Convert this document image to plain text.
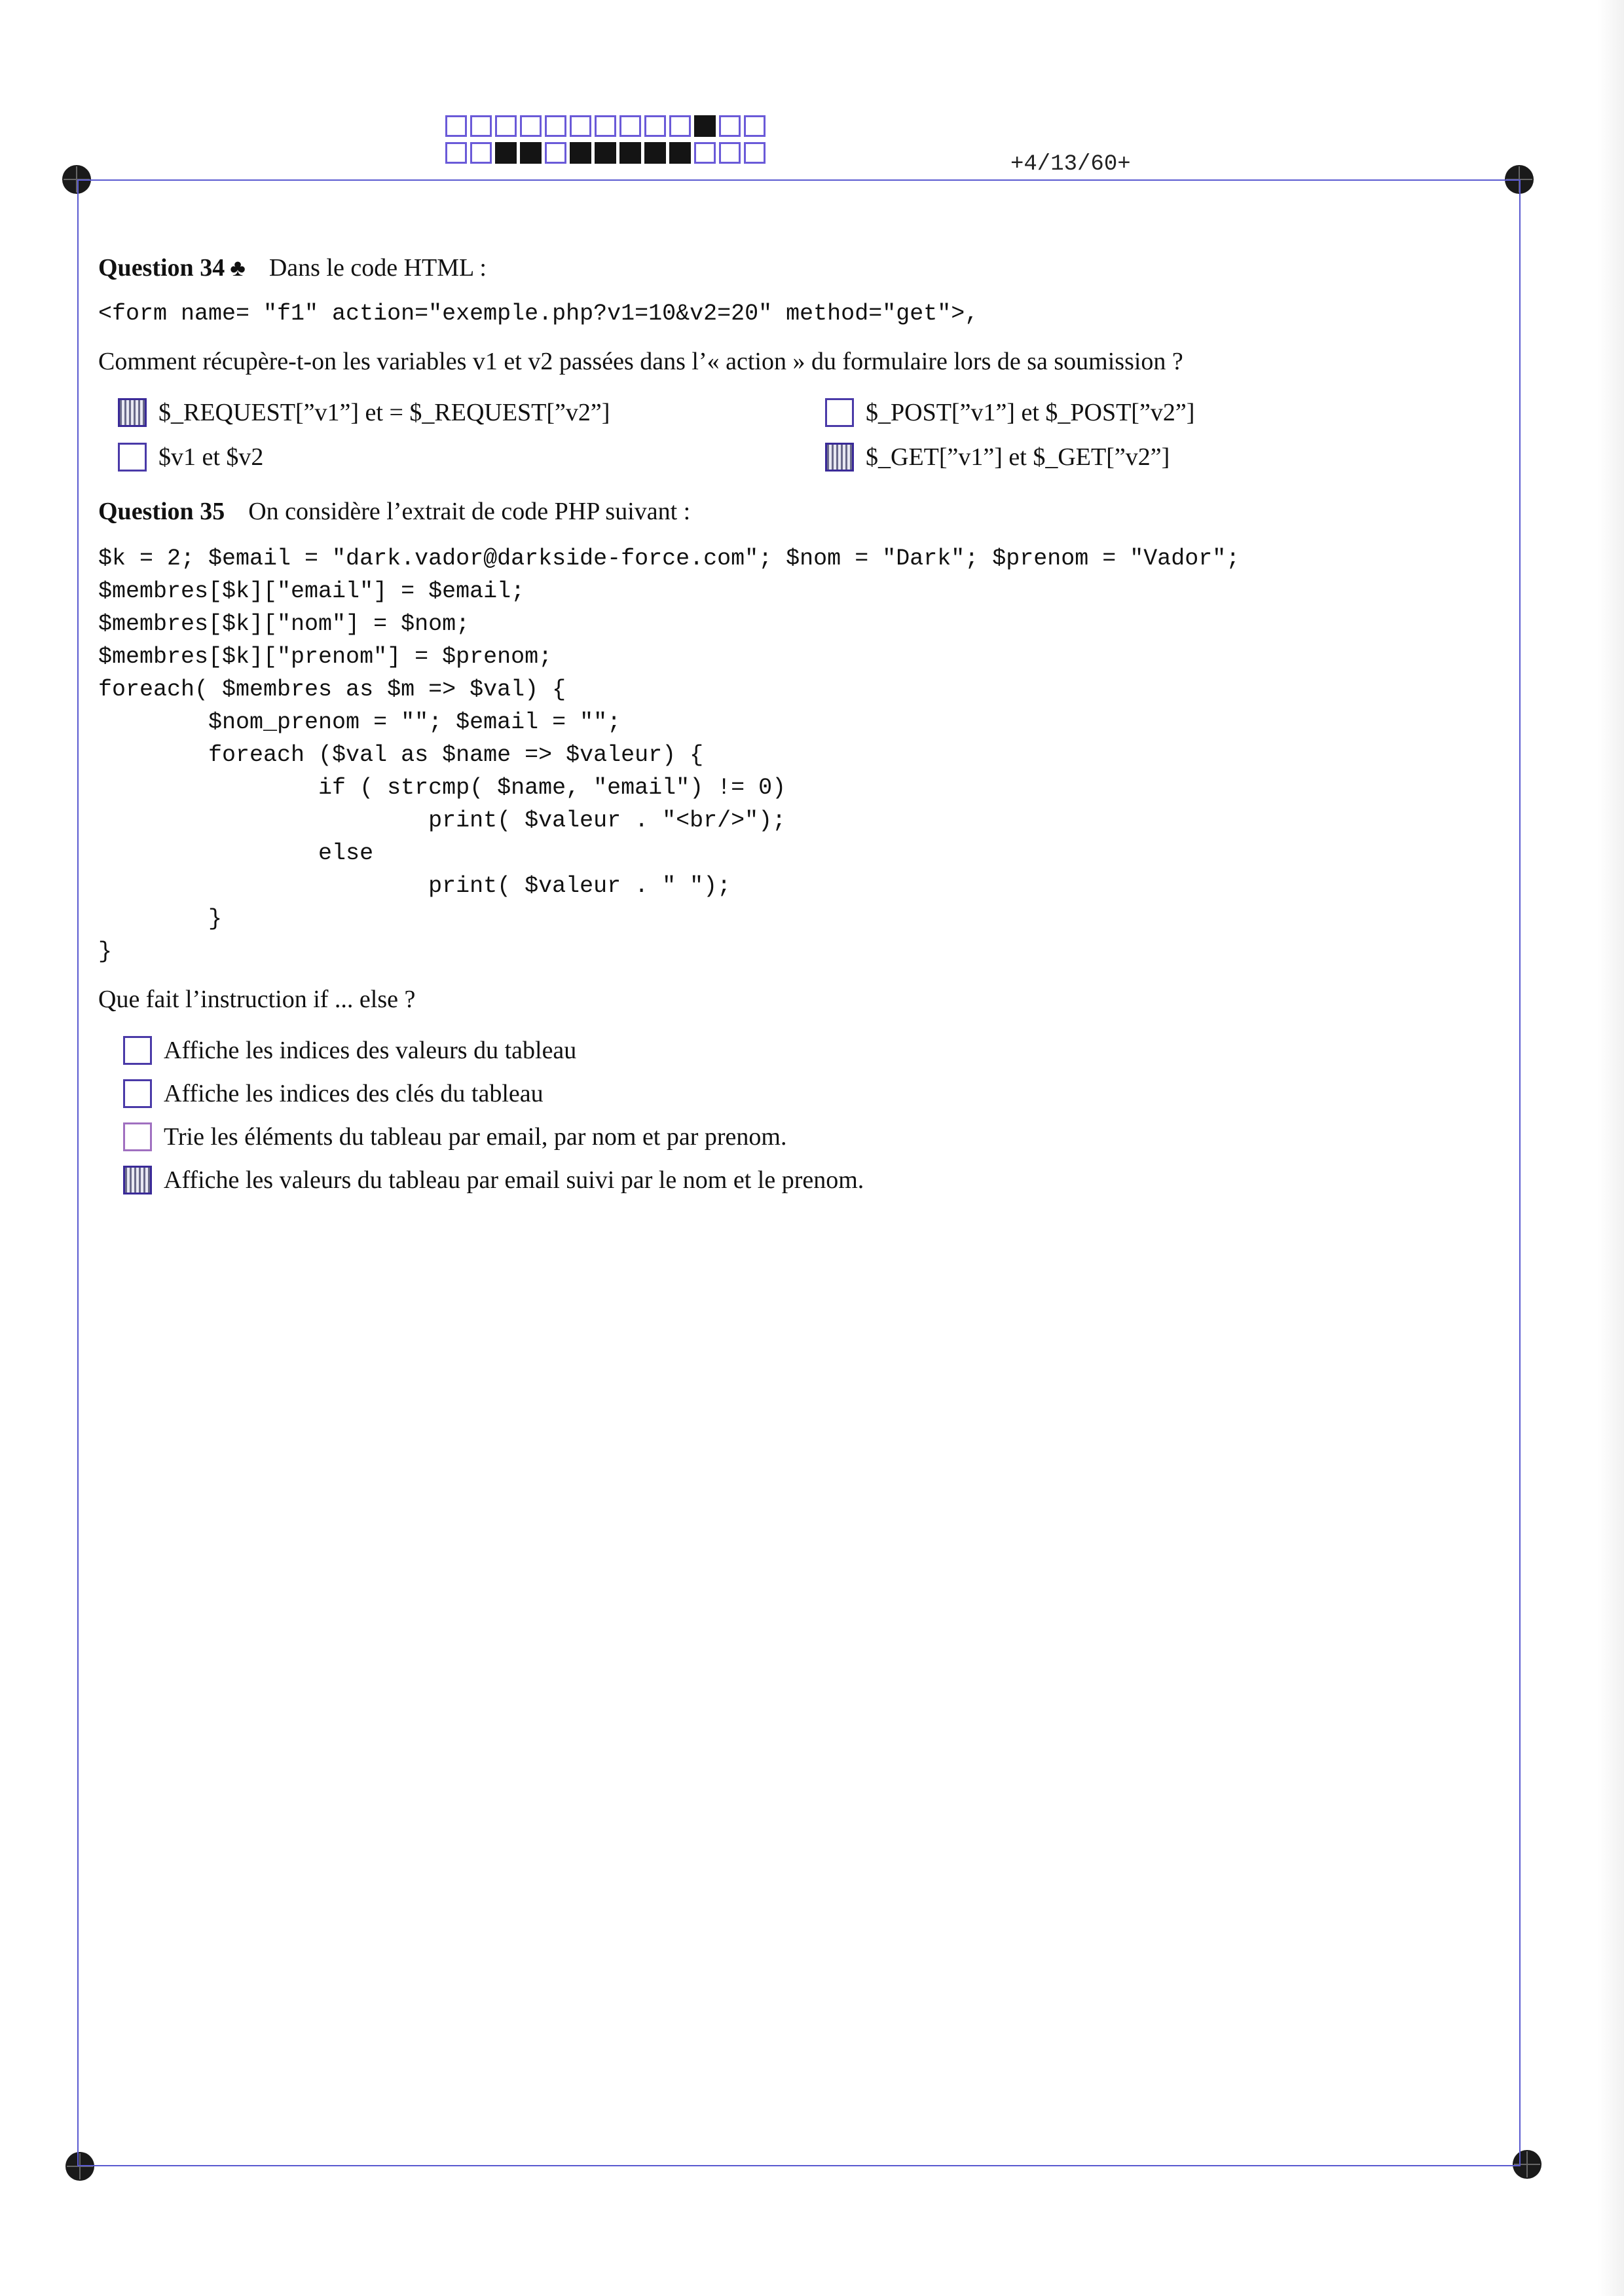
+4/13/60+
Question 34 ♣ Dans le code HTML :
<form name= "f1" action="exemple.php?v1=10&v2=20" method="get">,
Comment récupère-t-on les variables v1 et v2 passées dans l’« action » du formulaire lors de sa soumission ?
$_REQUEST[”v1”] et = $_REQUEST[”v2”]	$_POST[”v1”] et $_POST[”v2”]
$v1 et $v2	$_GET[”v1”] et $_GET[”v2”]
Question 35 On considère l’extrait de code PHP suivant :
$k = 2; $email = "dark.vador@darkside-force.com"; $nom = "Dark"; $prenom = "Vador";
$membres[$k]["email"] = $email;
$membres[$k]["nom"] = $nom;
$membres[$k]["prenom"] = $prenom;
foreach( $membres as $m => $val) {
$nom_prenom = ""; $email = "";
foreach ($val as $name => $valeur) {
if ( strcmp( $name, "email") != 0)
print( $valeur . "<br/>");
else
print( $valeur . " ");
}
}
Que fait l’instruction if ... else ?
Affiche les indices des valeurs du tableau
Affiche les indices des clés du tableau
Trie les éléments du tableau par email, par nom et par prenom.
Affiche les valeurs du tableau par email suivi par le nom et le prenom.
